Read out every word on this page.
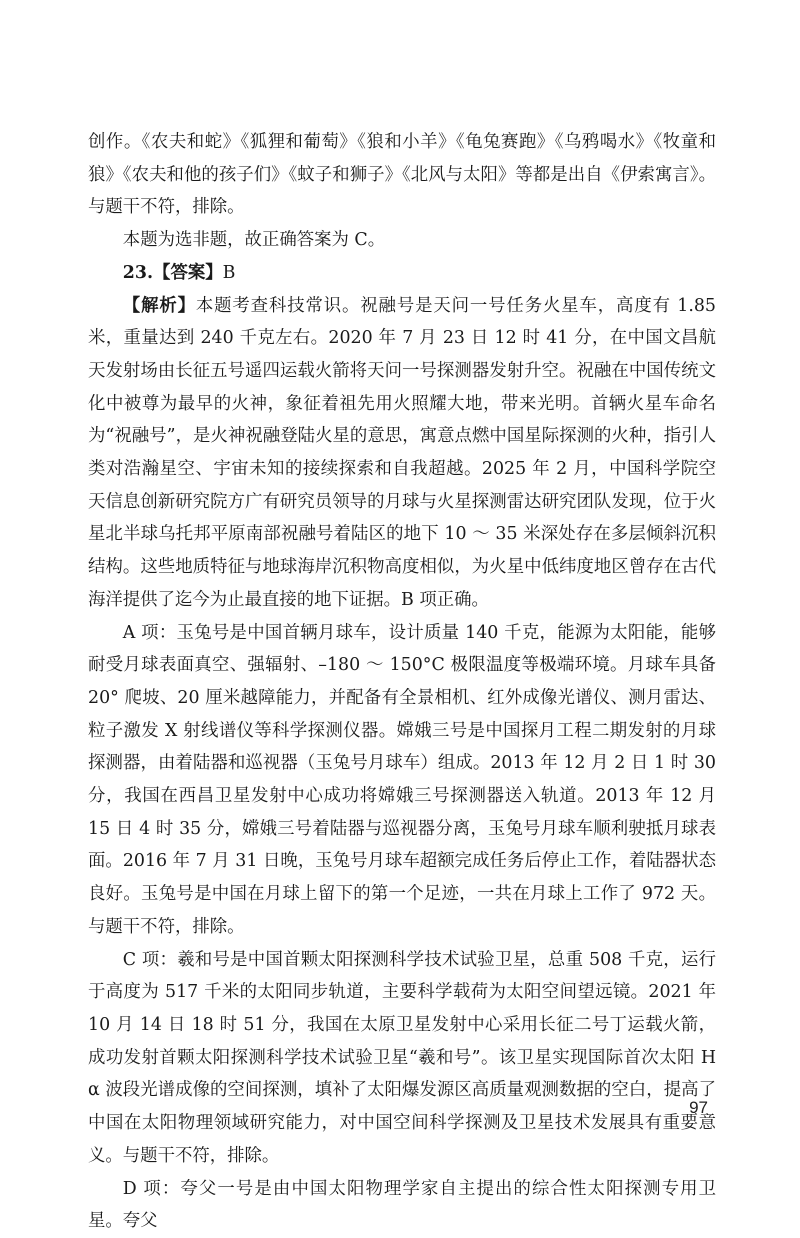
创作。《农夫和蛇》《狐狸和葡萄》《狼和小羊》《龟兔赛跑》《乌鸦喝水》《牧童和狼》《农夫和他的孩子们》《蚊子和狮子》《北风与太阳》等都是出自《伊索寓言》。与题干不符，排除。

本题为选非题，故正确答案为 C。

23.【答案】B

【解析】本题考查科技常识。祝融号是天问一号任务火星车，高度有 1.85 米，重量达到 240 千克左右。2020 年 7 月 23 日 12 时 41 分，在中国文昌航天发射场由长征五号遥四运载火箭将天问一号探测器发射升空。祝融在中国传统文化中被尊为最早的火神，象征着祖先用火照耀大地，带来光明。首辆火星车命名为“祝融号”，是火神祝融登陆火星的意思，寓意点燃中国星际探测的火种，指引人类对浩瀚星空、宇宙未知的接续探索和自我超越。2025 年 2 月，中国科学院空天信息创新研究院方广有研究员领导的月球与火星探测雷达研究团队发现，位于火星北半球乌托邦平原南部祝融号着陆区的地下 10 ～ 35 米深处存在多层倾斜沉积结构。这些地质特征与地球海岸沉积物高度相似，为火星中低纬度地区曾存在古代海洋提供了迄今为止最直接的地下证据。B 项正确。

A 项：玉兔号是中国首辆月球车，设计质量 140 千克，能源为太阳能，能够耐受月球表面真空、强辐射、–180 ～ 150°C 极限温度等极端环境。月球车具备 20° 爬坡、20 厘米越障能力，并配备有全景相机、红外成像光谱仪、测月雷达、粒子激发 X 射线谱仪等科学探测仪器。嫦娥三号是中国探月工程二期发射的月球探测器，由着陆器和巡视器（玉兔号月球车）组成。2013 年 12 月 2 日 1 时 30 分，我国在西昌卫星发射中心成功将嫦娥三号探测器送入轨道。2013 年 12 月 15 日 4 时 35 分，嫦娥三号着陆器与巡视器分离，玉兔号月球车顺利驶抵月球表面。2016 年 7 月 31 日晚，玉兔号月球车超额完成任务后停止工作，着陆器状态良好。玉兔号是中国在月球上留下的第一个足迹，一共在月球上工作了 972 天。与题干不符，排除。

C 项：羲和号是中国首颗太阳探测科学技术试验卫星，总重 508 千克，运行于高度为 517 千米的太阳同步轨道，主要科学载荷为太阳空间望远镜。2021 年 10 月 14 日 18 时 51 分，我国在太原卫星发射中心采用长征二号丁运载火箭，成功发射首颗太阳探测科学技术试验卫星“羲和号”。该卫星实现国际首次太阳 H α 波段光谱成像的空间探测，填补了太阳爆发源区高质量观测数据的空白，提高了中国在太阳物理领域研究能力，对中国空间科学探测及卫星技术发展具有重要意义。与题干不符，排除。

D 项：夸父一号是由中国太阳物理学家自主提出的综合性太阳探测专用卫星。夸父

97
